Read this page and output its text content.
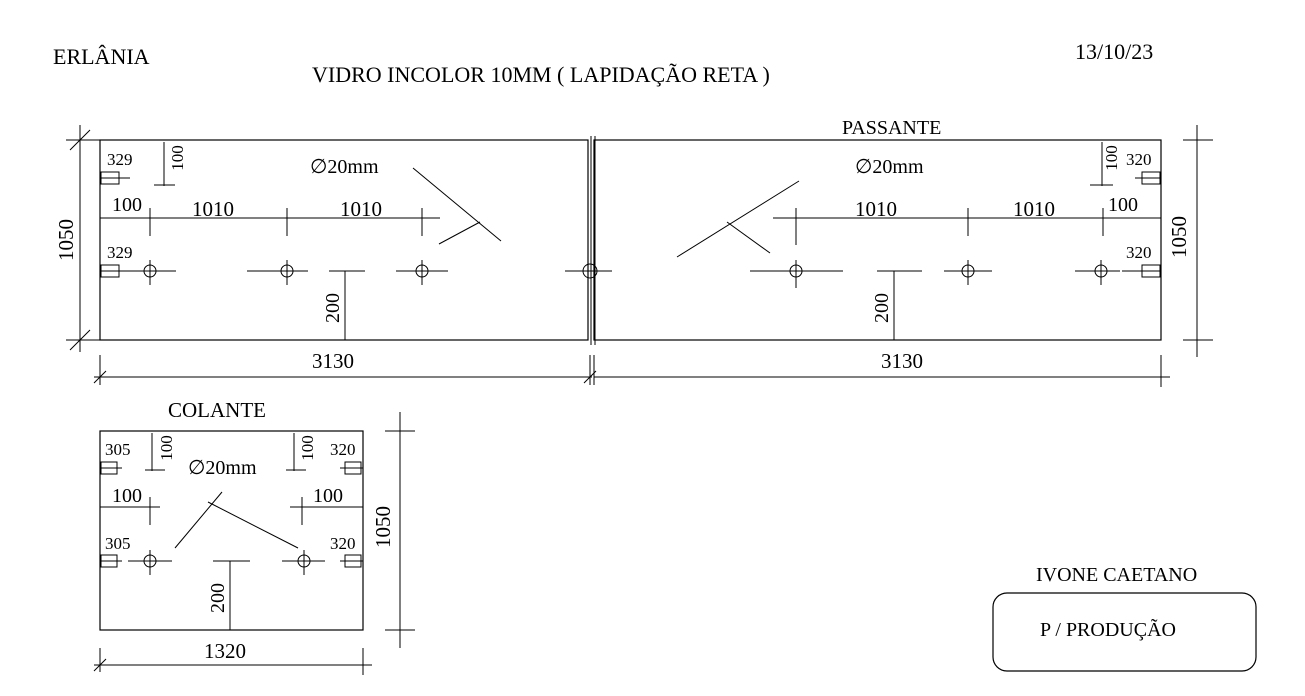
ERLÂNIA
VIDRO INCOLOR 10MM ( LAPIDAÇÃO RETA )
13/10/23
1050
3130
329 100	∅20mm
100 1010	1010
329
200
PASSANTE
1050
3130
100 320
∅20mm
1010	1010	100
320
200
COLANTE
1050
1320
305 100	100 320
∅20mm
100	100
305	320
200
IVONE CAETANO
P / PRODUÇÃO
